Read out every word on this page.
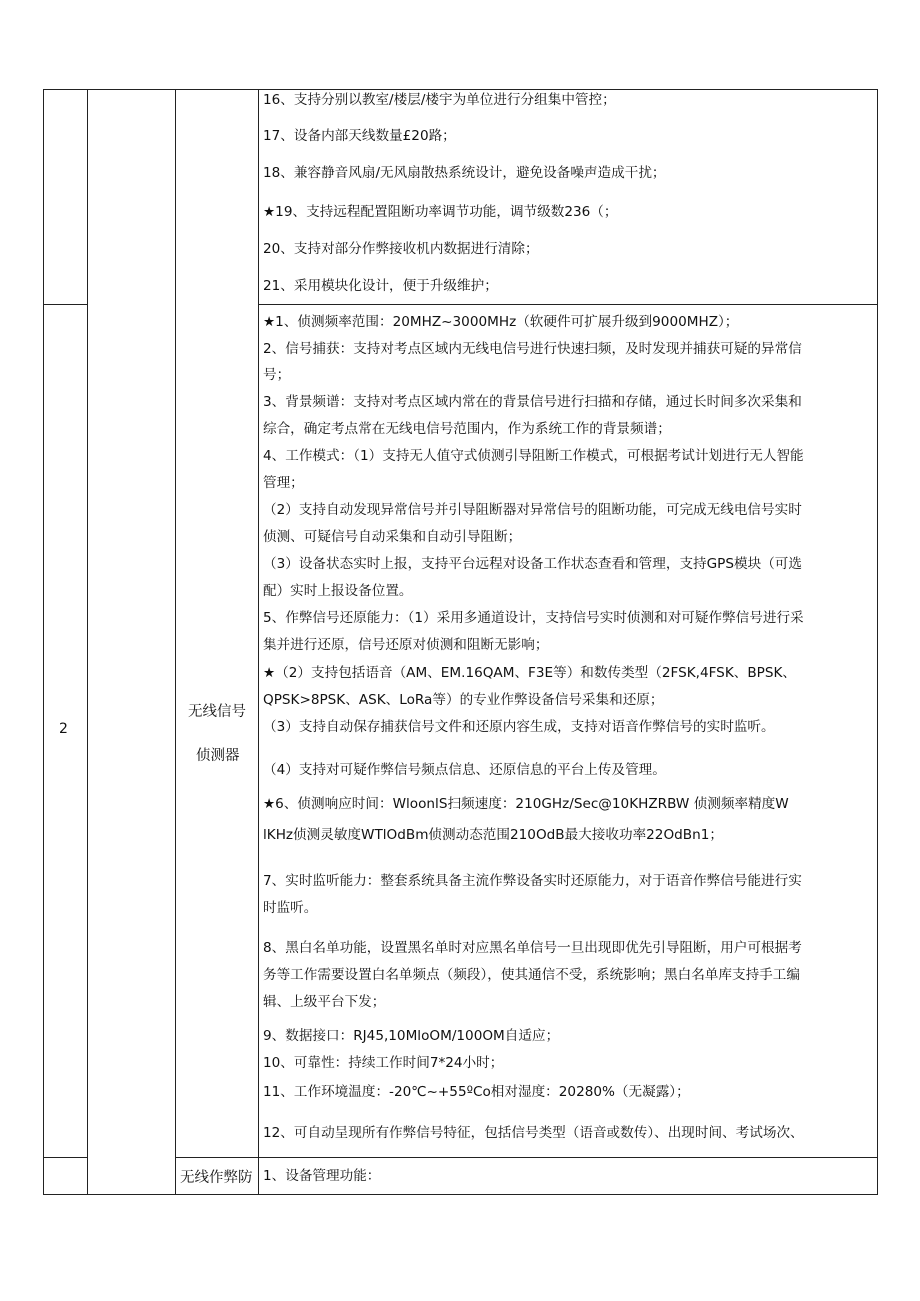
16、支持分别以教室/楼层/楼宇为单位进行分组集中管控；
17、设备内部天线数量£20路；
18、兼容静音风扇/无风扇散热系统设计，避免设备噪声造成干扰；
★19、支持远程配置阻断功率调节功能，调节级数236（；
20、支持对部分作弊接收机内数据进行清除；
21、采用模块化设计，便于升级维护；
2
无线信号
侦测器
★1、侦测频率范围：20MHZ~3000MHz（软硬件可扩展升级到9000MHZ）；
2、信号捕获：支持对考点区域内无线电信号进行快速扫频，及时发现并捕获可疑的异常信
号；
3、背景频谱：支持对考点区域内常在的背景信号进行扫描和存储，通过长时间多次采集和
综合，确定考点常在无线电信号范围内，作为系统工作的背景频谱；
4、工作模式：（1）支持无人值守式侦测引导阻断工作模式，可根据考试计划进行无人智能
管理；
（2）支持自动发现异常信号并引导阻断器对异常信号的阻断功能，可完成无线电信号实时
侦测、可疑信号自动采集和自动引导阻断；
（3）设备状态实时上报，支持平台远程对设备工作状态查看和管理，支持GPS模块（可选
配）实时上报设备位置。
5、作弊信号还原能力：（1）采用多通道设计，支持信号实时侦测和对可疑作弊信号进行采
集并进行还原，信号还原对侦测和阻断无影响；
★（2）支持包括语音（AM、EM.16QAM、F3E等）和数传类型（2FSK,4FSK、BPSK、
QPSK>8PSK、ASK、LoRa等）的专业作弊设备信号采集和还原；
（3）支持自动保存捕获信号文件和还原内容生成，支持对语音作弊信号的实时监听。
（4）支持对可疑作弊信号频点信息、还原信息的平台上传及管理。
★6、侦测响应时间：WloonlS扫频速度：210GHz/Sec@10KHZRBW 侦测频率精度W
lKHz侦测灵敏度WTlOdBm侦测动态范围210OdB最大接收功率22OdBn1；
7、实时监听能力：整套系统具备主流作弊设备实时还原能力，对于语音作弊信号能进行实
时监听。
8、黑白名单功能，设置黑名单时对应黑名单信号一旦出现即优先引导阻断，用户可根据考
务等工作需要设置白名单频点（频段），使其通信不受，系统影响；黑白名单库支持手工编
辑、上级平台下发；
9、数据接口：RJ45,10MloOM/100OM自适应；
10、可靠性：持续工作时间7*24小时；
11、工作环境温度：-20℃~+55ºCo相对湿度：20280%（无凝露）；
12、可自动呈现所有作弊信号特征，包括信号类型（语音或数传）、出现时间、考试场次、
无线作弊防 1、设备管理功能：
